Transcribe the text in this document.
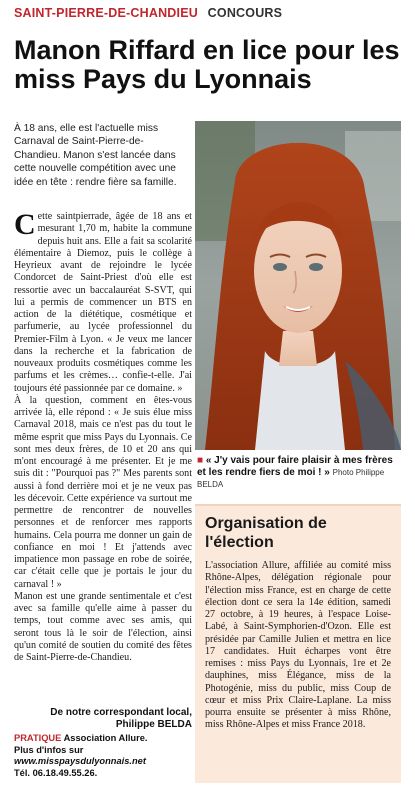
SAINT-PIERRE-DE-CHANDIEU CONCOURS
Manon Riffard en lice pour les miss Pays du Lyonnais

À 18 ans, elle est l'actuelle miss Carnaval de Saint-Pierre-de-Chandieu. Manon s'est lancée dans cette nouvelle compétition avec une idée en tête : rendre fière sa famille.

Cette saintpierrade, âgée de 18 ans et mesurant 1,70 m, habite la commune depuis huit ans. Elle a fait sa scolarité élémentaire à Diemoz, puis le collège à Heyrieux avant de rejoindre le lycée Condorcet de Saint-Priest d'où elle est ressortie avec un baccalauréat S-SVT, qui lui a permis de commencer un BTS en action de la diététique, cosmétique et parfumerie, au lycée professionnel du Premier-Film à Lyon. « Je veux me lancer dans la recherche et la fabrication de nouveaux produits cosmétiques comme les parfums et les crèmes… confie-t-elle. J'ai toujours été passionnée par ce domaine. »

À la question, comment en êtes-vous arrivée là, elle répond : « Je suis élue miss Carnaval 2018, mais ce n'est pas du tout le même esprit que miss Pays du Lyonnais. Ce sont mes deux frères, de 10 et 20 ans qui m'ont encouragé à me présenter. Et je me suis dit : "Pourquoi pas ?" Mes parents sont aussi à fond derrière moi et je ne veux pas les décevoir. Cette expérience va surtout me permettre de rencontrer de nouvelles personnes et de renforcer mes rapports humains. Cela pourra me donner un gain de confiance en moi ! Et j'attends avec impatience mon passage en robe de soirée, car c'était celle que je portais le jour du carnaval ! »

Manon est une grande sentimentale et c'est avec sa famille qu'elle aime à passer du temps, tout comme avec ses amis, qui seront tous là le soir de l'élection, ainsi qu'un comité de soutien du comité des fêtes de Saint-Pierre-de-Chandieu.

De notre correspondant local,
Philippe BELDA
PRATIQUE Association Allure.
Plus d'infos sur
www.misspaysdulyonnais.net
Tél. 06.18.49.55.26.
■ « J'y vais pour faire plaisir à mes frères et les rendre fiers de moi ! » Photo Philippe BELDA
Organisation de l'élection

L'association Allure, affiliée au comité miss Rhône-Alpes, délégation régionale pour l'élection miss France, est en charge de cette élection dont ce sera la 14e édition, samedi 27 octobre, à 19 heures, à l'espace Loise-Labé, à Saint-Symphorien-d'Ozon. Elle est présidée par Camille Julien et mettra en lice 17 candidates. Huit écharpes vont être remises : miss Pays du Lyonnais, 1re et 2e dauphines, miss Élégance, miss de la Photogénie, miss du public, miss Coup de cœur et miss Prix Claire-Laplane. La miss pourra ensuite se présenter à miss Rhône, miss Rhône-Alpes et miss France 2018.
